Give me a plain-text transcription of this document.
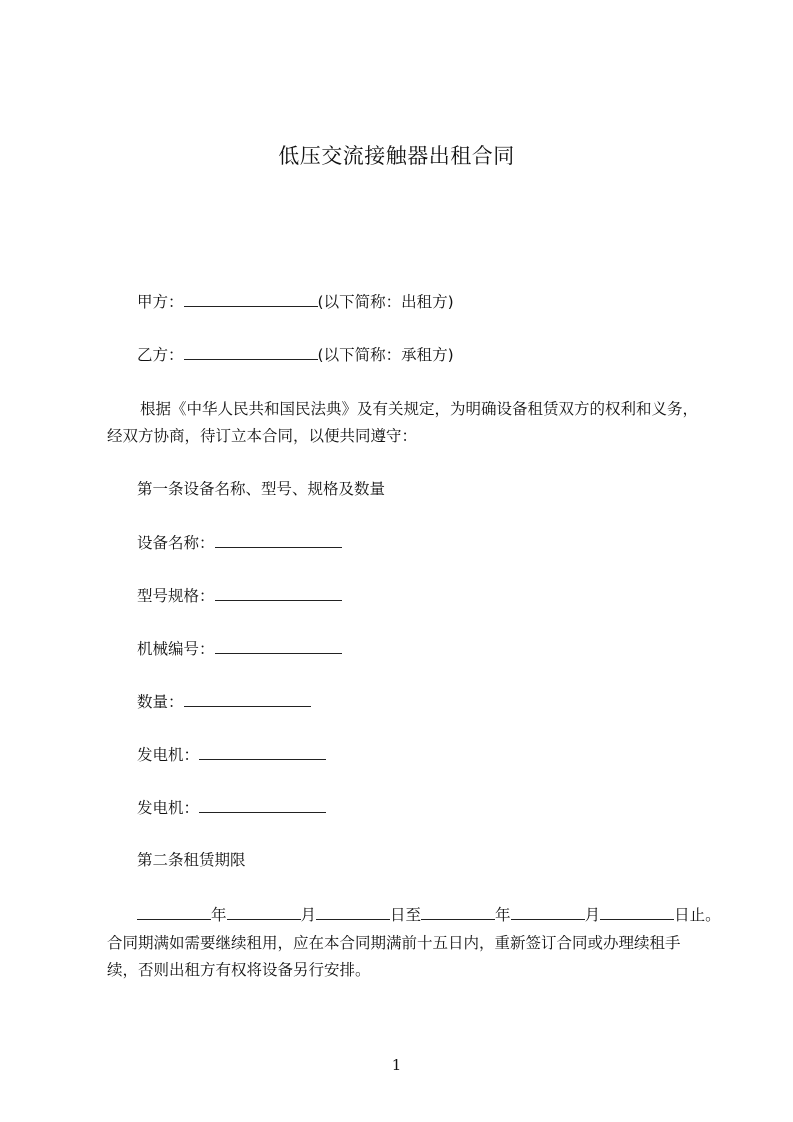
低压交流接触器出租合同
甲方：	(以下简称：出租方)
乙方：	(以下简称：承租方)
根据《中华人民共和国民法典》及有关规定，为明确设备租赁双方的权利和义务，
经双方协商，待订立本合同，以便共同遵守：
第一条设备名称、型号、规格及数量
设备名称：
型号规格：
机械编号：
数量：
发电机：
发电机：
第二条租赁期限
年	月	日至	年	月	日止。
合同期满如需要继续租用，应在本合同期满前十五日内，重新签订合同或办理续租手
续，否则出租方有权将设备另行安排。
1
